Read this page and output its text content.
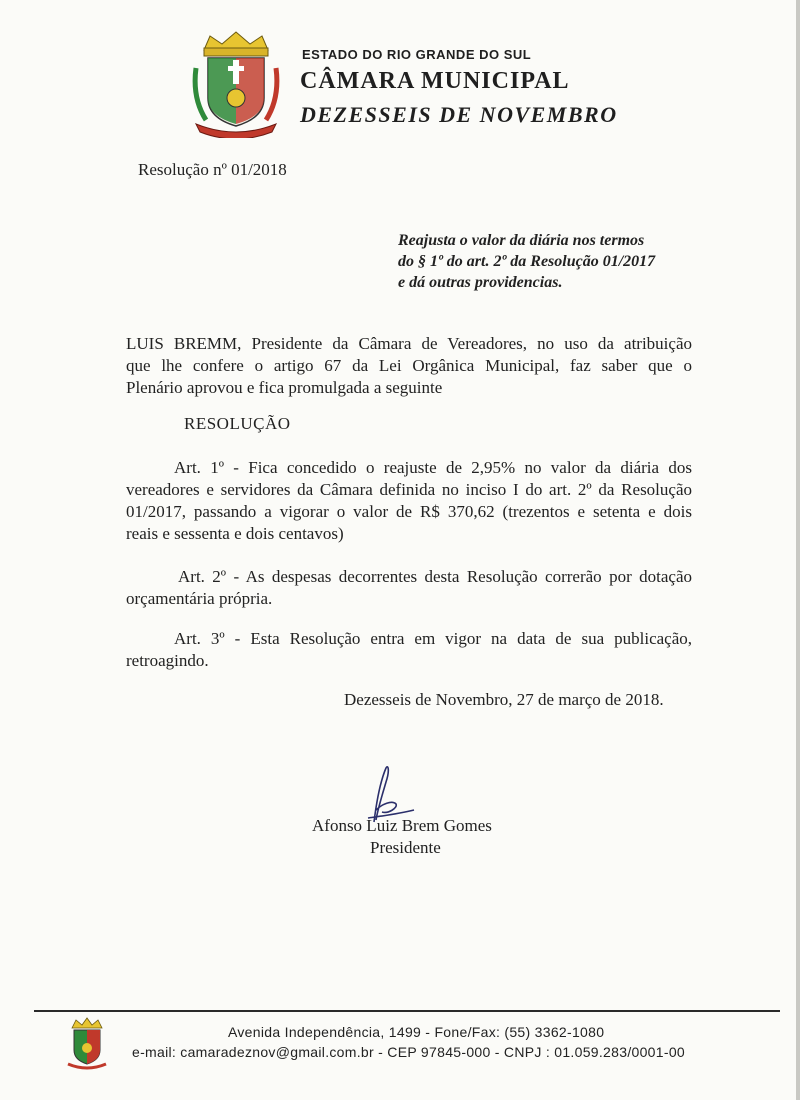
ESTADO DO RIO GRANDE DO SUL
CÂMARA MUNICIPAL
DEZESSEIS DE NOVEMBRO
Resolução nº 01/2018
Reajusta o valor da diária nos termos
do § 1º do art. 2º da Resolução 01/2017
e dá outras providencias.
LUIS BREMM, Presidente da Câmara de Vereadores, no uso da atribuição
que lhe confere o artigo 67 da Lei Orgânica Municipal, faz saber que o
Plenário aprovou e fica promulgada a seguinte
RESOLUÇÃO
Art. 1º - Fica concedido o reajuste de 2,95% no valor da diária dos
vereadores e servidores da Câmara definida no inciso I do art. 2º da Resolução
01/2017, passando a vigorar o valor de R$ 370,62 (trezentos e setenta e dois
reais e sessenta e dois centavos)
Art. 2º - As despesas decorrentes desta Resolução correrão por dotação
orçamentária própria.
Art. 3º - Esta Resolução entra em vigor na data de sua publicação,
retroagindo.
Dezesseis de Novembro, 27 de março de 2018.
Afonso Luiz Brem Gomes
Presidente
Avenida Independência, 1499 - Fone/Fax: (55) 3362-1080
e-mail: camaradeznov@gmail.com.br - CEP 97845-000 - CNPJ : 01.059.283/0001-00
